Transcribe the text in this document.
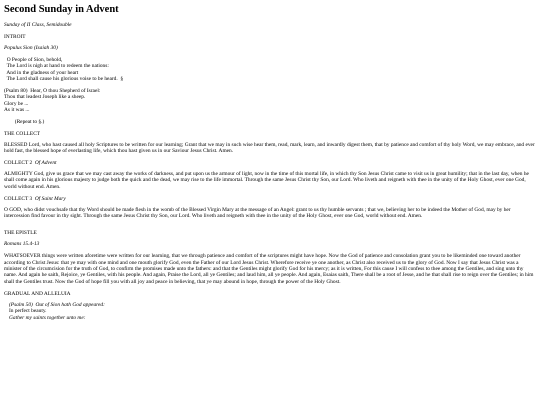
Second Sunday in Advent

Sunday of II Class, Semidouble

INTROIT

Populus Sion (Isaiah 30)

O People of Sion, behold,
The Lord is nigh at hand to redeem the nations:
And in the gladness of your heart
The Lord shall cause his glorious voise to be heard.  §

(Psalm 80)  Hear, O thou Shepherd of Israel:
Thou that leadest Joseph like a sheep.
Glory be ...
As it was ...

(Repeat to §.)

THE COLLECT

BLESSED Lord, who hast caused all holy Scriptures to be written for our learning; Grant that we may in such wise hear them, read, mark, learn, and inwardly digest them, that by patience and comfort of thy holy Word, we may embrace, and ever hold fast, the blessed hope of everlasting life, which thou hast given us in our Saviour Jesus Christ. Amen.

COLLECT 2 Of Advent

ALMIGHTY God, give us grace that we may cast away the works of darkness, and put upon us the armour of light, now in the time of this mortal life, in which thy Son Jesus Christ came to visit us in great humility; that in the last day, when he shall come again in his glorious majesty to judge both the quick and the dead, we may rise to the life immortal. Through the same Jesus Christ thy Son, our Lord. Who liveth and reigneth with thee in the unity of the Holy Ghost, ever one God, world without end. Amen.

COLLECT 3 Of Saint Mary

O GOD, who didst vouchsafe that thy Word should be made flesh in the womb of the Blessed Virgin Mary at the message of an Angel: grant to us thy humble servants ; that we, believing her to be indeed the Mother of God, may by her intercession find favour in thy sight. Through the same Jesus Christ thy Son, our Lord. Who liveth and reigneth with thee in the unity of the Holy Ghost, ever one God, world without end. Amen.

THE EPISTLE

Romans 15.4-13

WHATSOEVER things were written aforetime were written for our learning, that we through patience and comfort of the scriptures might have hope. Now the God of patience and consolation grant you to be likeminded one toward another according to Christ Jesus: that ye may with one mind and one mouth glorify God, even the Father of our Lord Jesus Christ. Wherefore receive ye one another, as Christ also received us to the glory of God. Now I say that Jesus Christ was a minister of the circumcision for the truth of God, to confirm the promises made unto the fathers: and that the Gentiles might glorify God for his mercy; as it is written, For this cause I will confess to thee among the Gentiles, and sing unto thy name. And again he saith, Rejoice, ye Gentiles, with his people. And again, Praise the Lord, all ye Gentiles; and laud him, all ye people. And again, Esaias saith, There shall be a root of Jesse, and he that shall rise to reign over the Gentiles; in him shall the Gentiles trust. Now the God of hope fill you with all joy and peace in believing, that ye may abound in hope, through the power of the Holy Ghost.

GRADUAL AND ALLELUIA

(Psalm 50)  Out of Sion hath God appeared:
In perfect beauty.
Gather my saints together unto me:
